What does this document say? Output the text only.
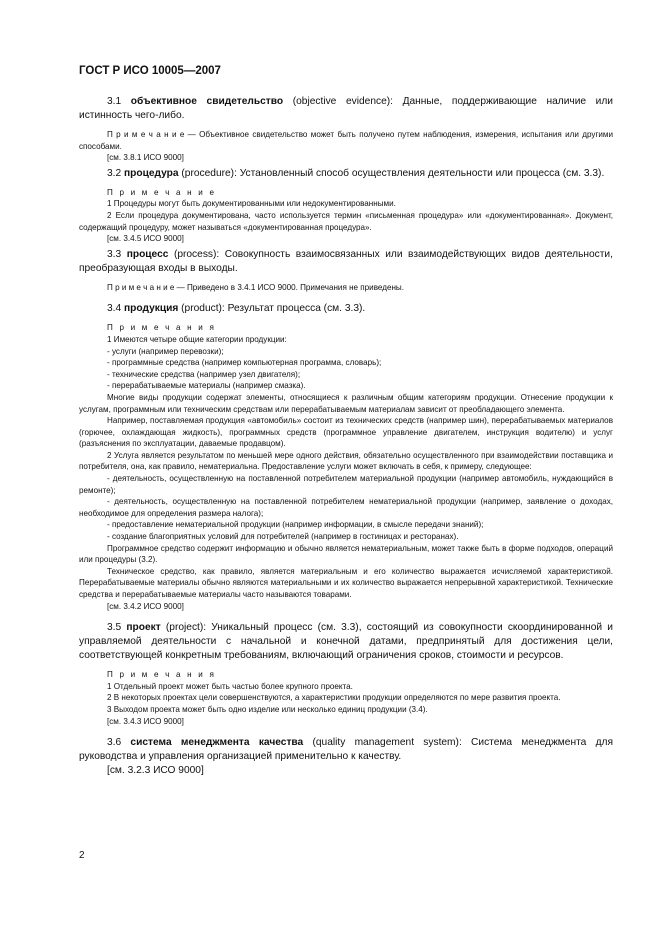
ГОСТ Р ИСО 10005—2007

3.1 объективное свидетельство (objective evidence): Данные, поддерживающие наличие или истинность чего-либо.

П р и м е ч а н и е — Объективное свидетельство может быть получено путем наблюдения, измерения, испытания или другими способами.

[см. 3.8.1 ИСО 9000]

3.2 процедура (procedure): Установленный способ осуществления деятельности или процесса (см. 3.3).

П р и м е ч а н и е

1 Процедуры могут быть документированными или недокументированными.

2 Если процедура документирована, часто используется термин «письменная процедура» или «документированная». Документ, содержащий процедуру, может называться «документированная процедура».

[см. 3.4.5 ИСО 9000]

3.3 процесс (process): Совокупность взаимосвязанных или взаимодействующих видов деятельности, преобразующая входы в выходы.

П р и м е ч а н и е — Приведено в 3.4.1 ИСО 9000. Примечания не приведены.

3.4 продукция (product): Результат процесса (см. 3.3).

П р и м е ч а н и я

1 Имеются четыре общие категории продукции:

- услуги (например перевозки);

- программные средства (например компьютерная программа, словарь);

- технические средства (например узел двигателя);

- перерабатываемые материалы (например смазка).

Многие виды продукции содержат элементы, относящиеся к различным общим категориям продукции. Отнесение продукции к услугам, программным или техническим средствам или перерабатываемым материалам зависит от преобладающего элемента.

Например, поставляемая продукция «автомобиль» состоит из технических средств (например шин), перерабатываемых материалов (горючее, охлаждающая жидкость), программных средств (программное управление двигателем, инструкция водителю) и услуг (разъяснения по эксплуатации, даваемые продавцом).

2 Услуга является результатом по меньшей мере одного действия, обязательно осуществленного при взаимодействии поставщика и потребителя, она, как правило, нематериальна. Предоставление услуги может включать в себя, к примеру, следующее:

- деятельность, осуществленную на поставленной потребителем материальной продукции (например автомобиль, нуждающийся в ремонте);

- деятельность, осуществленную на поставленной потребителем нематериальной продукции (например, заявление о доходах, необходимое для определения размера налога);

- предоставление нематериальной продукции (например информации, в смысле передачи знаний);

- создание благоприятных условий для потребителей (например в гостиницах и ресторанах).

Программное средство содержит информацию и обычно является нематериальным, может также быть в форме подходов, операций или процедуры (3.2).

Техническое средство, как правило, является материальным и его количество выражается исчисляемой характеристикой. Перерабатываемые материалы обычно являются материальными и их количество выражается непрерывной характеристикой. Технические средства и перерабатываемые материалы часто называются товарами.

[см. 3.4.2 ИСО 9000]

3.5 проект (project): Уникальный процесс (см. 3.3), состоящий из совокупности скоординированной и управляемой деятельности с начальной и конечной датами, предпринятый для достижения цели, соответствующей конкретным требованиям, включающий ограничения сроков, стоимости и ресурсов.

П р и м е ч а н и я

1 Отдельный проект может быть частью более крупного проекта.

2 В некоторых проектах цели совершенствуются, а характеристики продукции определяются по мере развития проекта.

3 Выходом проекта может быть одно изделие или несколько единиц продукции (3.4).

[см. 3.4.3 ИСО 9000]

3.6 система менеджмента качества (quality management system): Система менеджмента для руководства и управления организацией применительно к качеству.

[см. 3.2.3 ИСО 9000]

2
